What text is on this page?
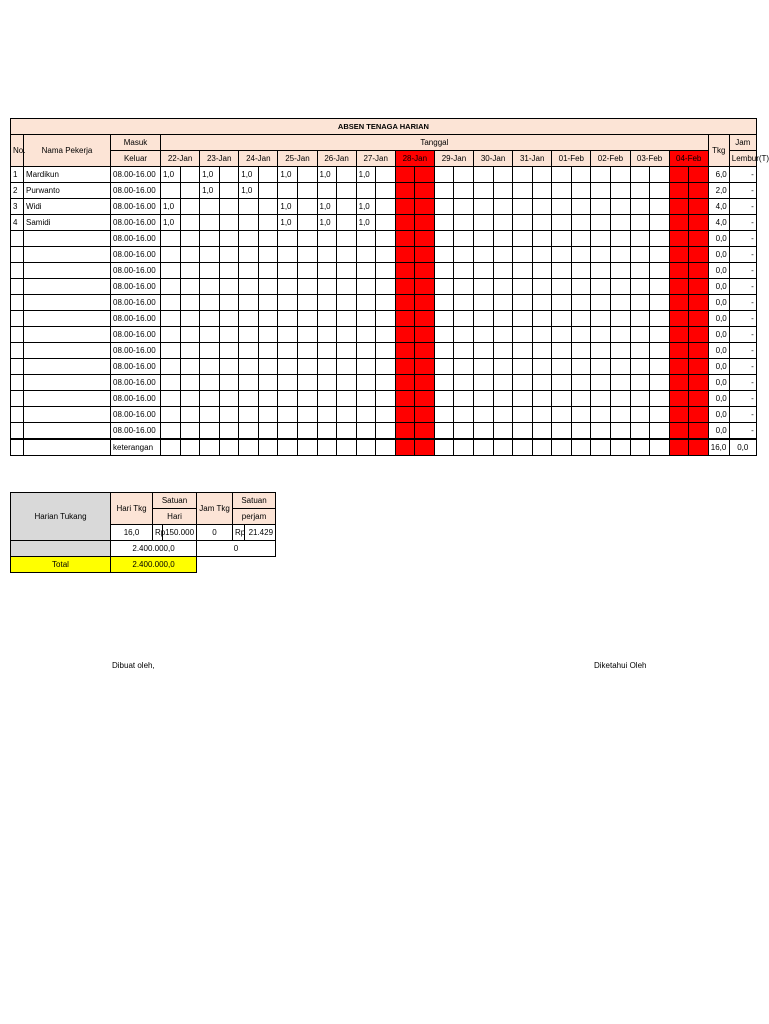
ABSEN TENAGA HARIAN																		
No.	Nama Pekerja	Masuk	Tanggal														Tkg	Jam
		Keluar	22-Jan	23-Jan	24-Jan	25-Jan	26-Jan	27-Jan	28-Jan	29-Jan	30-Jan	31-Jan	01-Feb	02-Feb	03-Feb	04-Feb		Lembur(T)
1	Mardikun	08.00-16.00	1,0	1,0	1,0	1,0	1,0	1,0									6,0	-
2	Purwanto	08.00-16.00		1,0	1,0												2,0	-
3	Widi	08.00-16.00	1,0			1,0	1,0	1,0									4,0	-
4	Samidi	08.00-16.00	1,0			1,0	1,0	1,0									4,0	-
		08.00-16.00															0,0	-
		08.00-16.00															0,0	-
		08.00-16.00															0,0	-
		08.00-16.00															0,0	-
		08.00-16.00															0,0	-
		08.00-16.00															0,0	-
		08.00-16.00															0,0	-
		08.00-16.00															0,0	-
		08.00-16.00															0,0	-
		08.00-16.00															0,0	-
		08.00-16.00															0,0	-
		08.00-16.00															0,0	-
		08.00-16.00															0,0	-
		keterangan															16,0	0,0
Harian Tukang	Hari Tkg	Satuan		Jam Tkg	Satuan	
		Hari			perjam	
	16,0	Rp	150.000	0	Rp	21.429
	2.400.000,0			0		
Total	2.400.000,0					
Dibuat oleh,	Diketahui Oleh
